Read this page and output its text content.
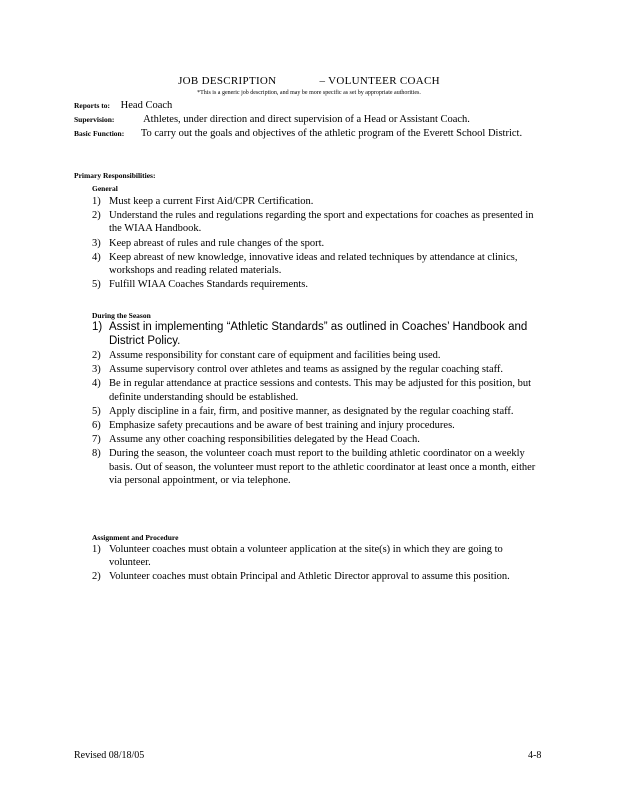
JOB DESCRIPTION	– VOLUNTEER COACH
*This is a generic job description, and may be more specific as set by appropriate authorities.
Reports to: Head Coach
Supervision:	Athletes, under direction and direct supervision of a Head or Assistant Coach.
Basic Function: To carry out the goals and objectives of the athletic program of the Everett School District.
Primary Responsibilities:
General
1) Must keep a current First Aid/CPR Certification.
2) Understand the rules and regulations regarding the sport and expectations for coaches as presented in the WIAA Handbook.
3) Keep abreast of rules and rule changes of the sport.
4) Keep abreast of new knowledge, innovative ideas and related techniques by attendance at clinics, workshops and reading related materials.
5) Fulfill WIAA Coaches Standards requirements.
During the Season
1) Assist in implementing “Athletic Standards” as outlined in Coaches’ Handbook and District Policy.
2) Assume responsibility for constant care of equipment and facilities being used.
3) Assume supervisory control over athletes and teams as assigned by the regular coaching staff.
4) Be in regular attendance at practice sessions and contests. This may be adjusted for this position, but definite understanding should be established.
5) Apply discipline in a fair, firm, and positive manner, as designated by the regular coaching staff.
6) Emphasize safety precautions and be aware of best training and injury procedures.
7) Assume any other coaching responsibilities delegated by the Head Coach.
8) During the season, the volunteer coach must report to the building athletic coordinator on a weekly basis. Out of season, the volunteer must report to the athletic coordinator at least once a month, either via personal appointment, or via telephone.
Assignment and Procedure
1) Volunteer coaches must obtain a volunteer application at the site(s) in which they are going to volunteer.
2) Volunteer coaches must obtain Principal and Athletic Director approval to assume this position.
Revised 08/18/05	4-8
